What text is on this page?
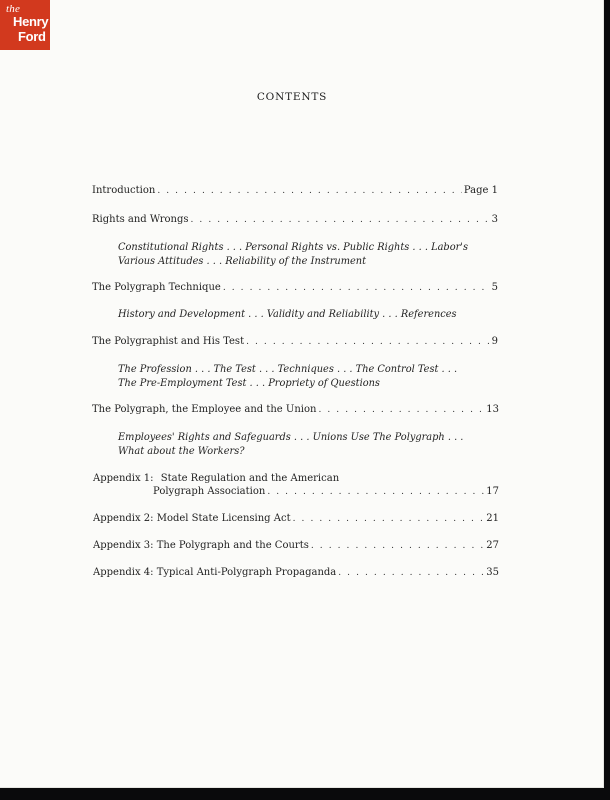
the
Henry
Ford
CONTENTS
Introduction . . .	Page 1
Rights and Wrongs . . .	3
Constitutional Rights . . . Personal Rights vs. Public Rights . . . Labor's
Various Attitudes . . . Reliability of the Instrument
The Polygraph Technique . . .	5
History and Development . . . Validity and Reliability . . . References
The Polygraphist and His Test . . .	9
The Profession . . . The Test . . . Techniques . . . The Control Test . . .
The Pre-Employment Test . . . Propriety of Questions
The Polygraph, the Employee and the Union . . .	13
Employees' Rights and Safeguards . . . Unions Use The Polygraph . . .
What about the Workers?
Appendix 1: State Regulation and the American
Polygraph Association . . .	17
Appendix 2: Model State Licensing Act . . .	21
Appendix 3: The Polygraph and the Courts . . .	27
Appendix 4: Typical Anti-Polygraph Propaganda . . .	35
